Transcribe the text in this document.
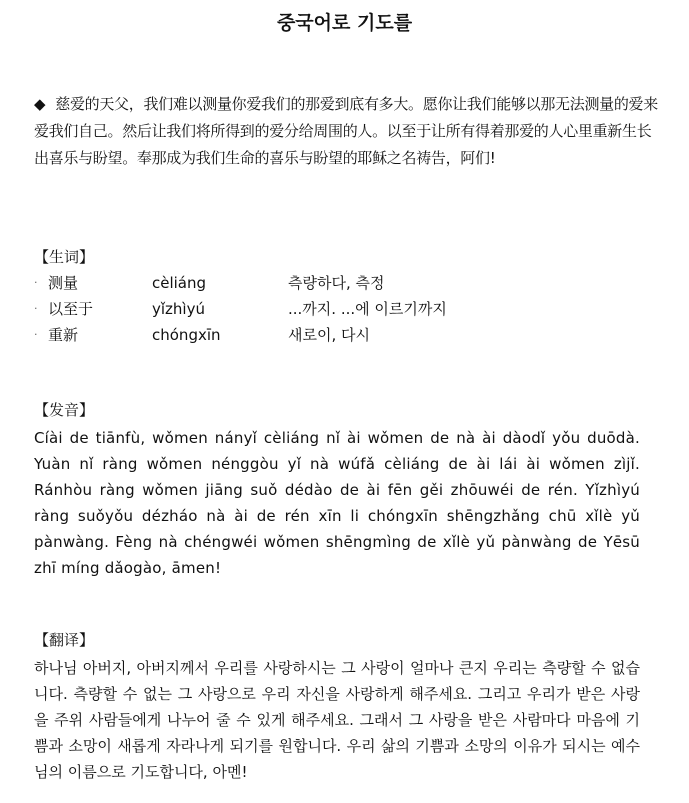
중국어로 기도를
◆ 慈爱的天父，我们难以测量你爱我们的那爱到底有多大。愿你让我们能够以那无法测量的爱来爱我们自己。然后让我们将所得到的爱分给周围的人。以至于让所有得着那爱的人心里重新生长出喜乐与盼望。奉那成为我们生命的喜乐与盼望的耶稣之名祷告，阿们!
【生词】
· 测量	cèliáng	측량하다, 측정
· 以至于	yǐzhìyú	...까지. ...에 이르기까지
· 重新	chóngxīn	새로이, 다시
【发音】
Cíài de tiānfù, wǒmen nányǐ cèliáng nǐ ài wǒmen de nà ài dàodǐ yǒu duōdà. Yuàn nǐ ràng wǒmen nénggòu yǐ nà wúfǎ cèliáng de ài lái ài wǒmen zìjǐ. Ránhòu ràng wǒmen jiāng suǒ dédào de ài fēn gěi zhōuwéi de rén. Yǐzhìyú ràng suǒyǒu dézháo nà ài de rén xīn li chóngxīn shēngzhǎng chū xǐlè yǔ pànwàng. Fèng nà chéngwéi wǒmen shēngmìng de xǐlè yǔ pànwàng de Yēsū zhī míng dǎogào, āmen!
【翻译】
하나님 아버지, 아버지께서 우리를 사랑하시는 그 사랑이 얼마나 큰지 우리는 측량할 수 없습니다. 측량할 수 없는 그 사랑으로 우리 자신을 사랑하게 해주세요. 그리고 우리가 받은 사랑을 주위 사람들에게 나누어 줄 수 있게 해주세요. 그래서 그 사랑을 받은 사람마다 마음에 기쁨과 소망이 새롭게 자라나게 되기를 원합니다. 우리 삶의 기쁨과 소망의 이유가 되시는 예수님의 이름으로 기도합니다, 아멘!
